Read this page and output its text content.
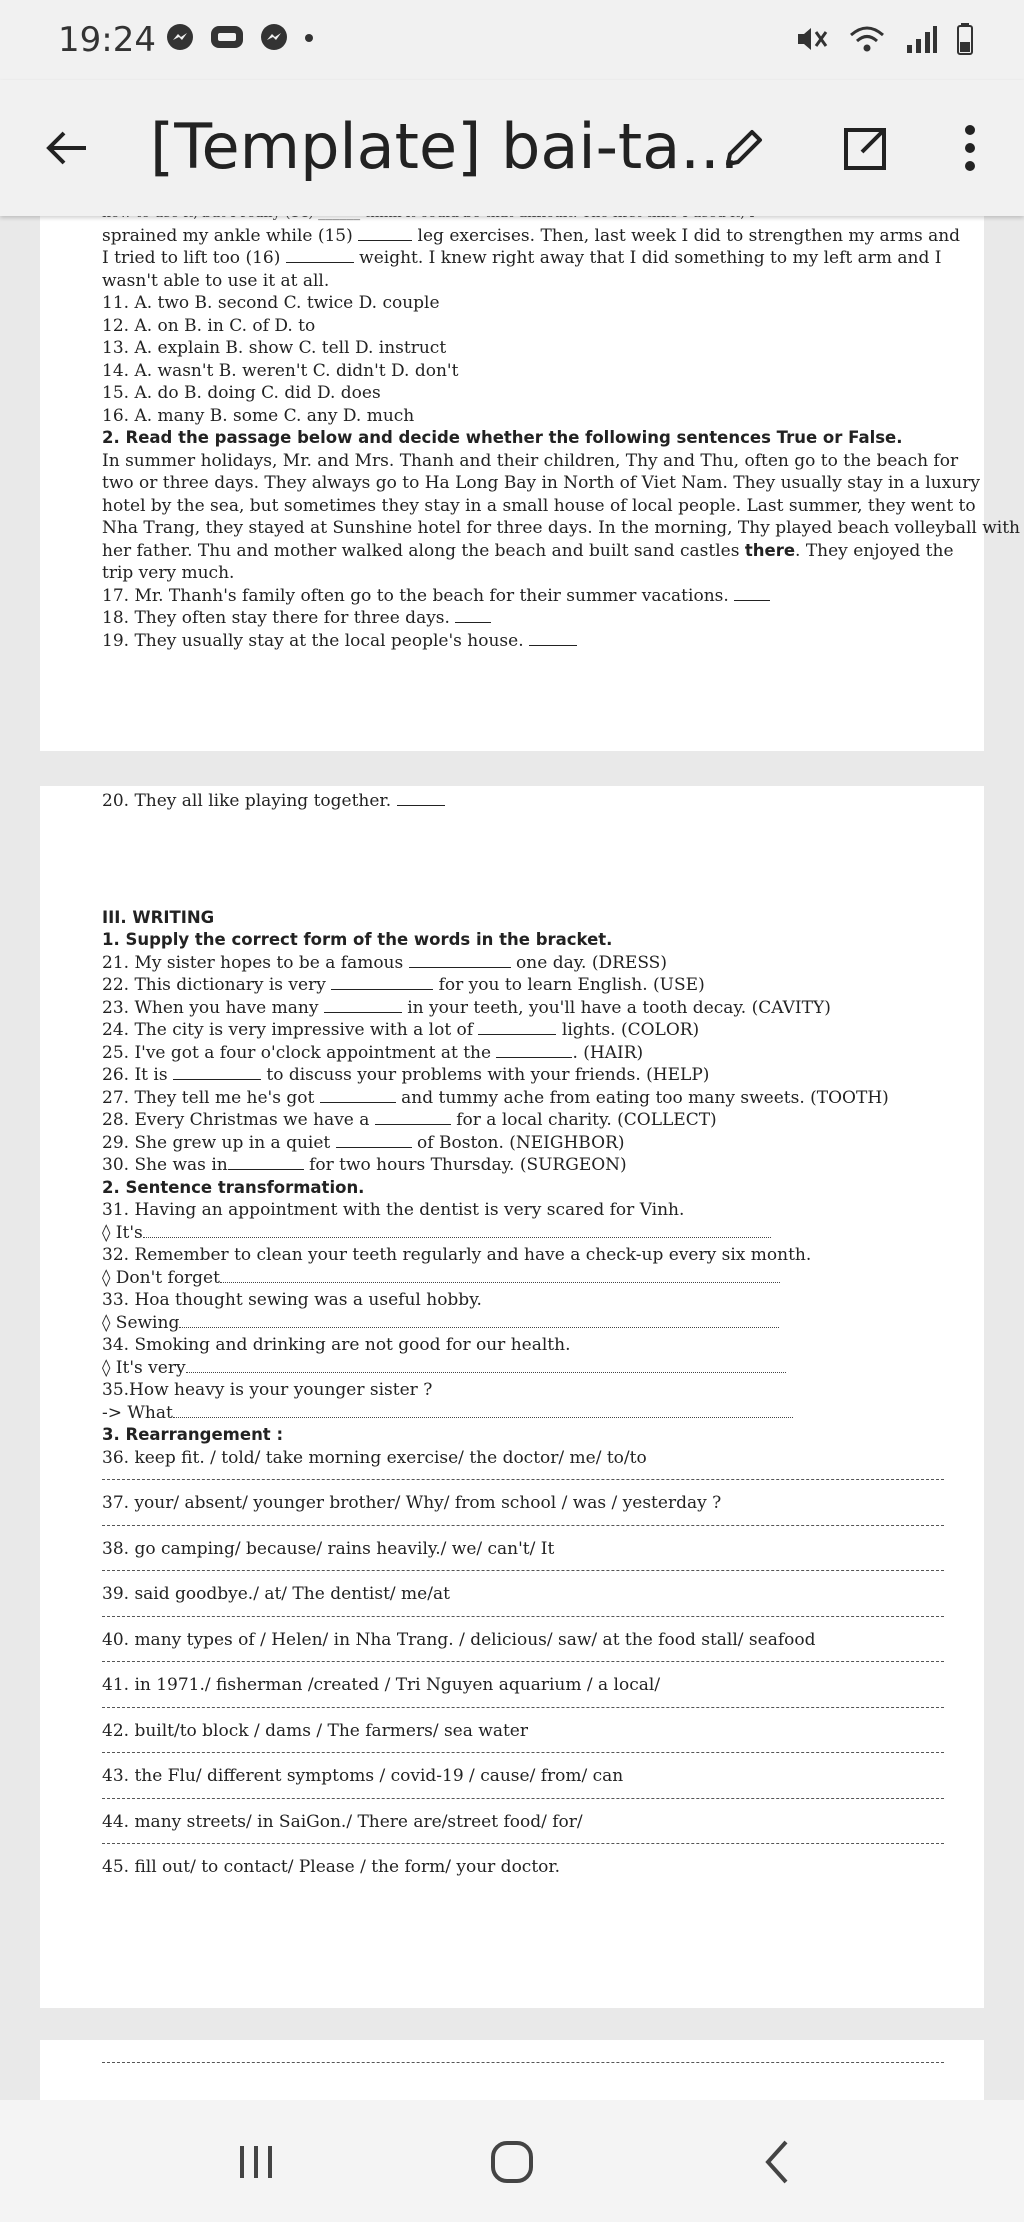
19:24
[Template] bai-ta...
sprained my ankle while (15)	leg exercises. Then, last week I did to strengthen my arms and
I tried to lift too (16)	weight. I knew right away that I did something to my left arm and I
wasn't able to use it at all.
11. A. two B. second C. twice D. couple
12. A. on B. in C. of D. to
13. A. explain B. show C. tell D. instruct
14. A. wasn't B. weren't C. didn't D. don't
15. A. do B. doing C. did D. does
16. A. many B. some C. any D. much
2. Read the passage below and decide whether the following sentences True or False.
In summer holidays, Mr. and Mrs. Thanh and their children, Thy and Thu, often go to the beach for
two or three days. They always go to Ha Long Bay in North of Viet Nam. They usually stay in a luxury
hotel by the sea, but sometimes they stay in a small house of local people. Last summer, they went to
Nha Trang, they stayed at Sunshine hotel for three days. In the morning, Thy played beach volleyball with
her father. Thu and mother walked along the beach and built sand castles there. They enjoyed the
trip very much.
17. Mr. Thanh's family often go to the beach for their summer vacations.
18. They often stay there for three days.
19. They usually stay at the local people's house.
20. They all like playing together.
III. WRITING
1. Supply the correct form of the words in the bracket.
21. My sister hopes to be a famous	one day. (DRESS)
22. This dictionary is very	for you to learn English. (USE)
23. When you have many	in your teeth, you'll have a tooth decay. (CAVITY)
24. The city is very impressive with a lot of	lights. (COLOR)
25. I've got a four o'clock appointment at the	. (HAIR)
26. It is	to discuss your problems with your friends. (HELP)
27. They tell me he's got	and tummy ache from eating too many sweets. (TOOTH)
28. Every Christmas we have a	for a local charity. (COLLECT)
29. She grew up in a quiet	of Boston. (NEIGHBOR)
30. She was in	for two hours Thursday. (SURGEON)
2. Sentence transformation.
31. Having an appointment with the dentist is very scared for Vinh.
◊ It's
32. Remember to clean your teeth regularly and have a check-up every six month.
◊ Don't forget
33. Hoa thought sewing was a useful hobby.
◊ Sewing
34. Smoking and drinking are not good for our health.
◊ It's very
35.How heavy is your younger sister ?
-> What
3. Rearrangement :
36. keep fit. / told/ take morning exercise/ the doctor/ me/ to/to
37. your/ absent/ younger brother/ Why/ from school / was / yesterday ?
38. go camping/ because/ rains heavily./ we/ can't/ It
39. said goodbye./ at/ The dentist/ me/at
40. many types of / Helen/ in Nha Trang. / delicious/ saw/ at the food stall/ seafood
41. in 1971./ fisherman /created / Tri Nguyen aquarium / a local/
42. built/to block / dams / The farmers/ sea water
43. the Flu/ different symptoms / covid-19 / cause/ from/ can
44. many streets/ in SaiGon./ There are/street food/ for/
45. fill out/ to contact/ Please / the form/ your doctor.
